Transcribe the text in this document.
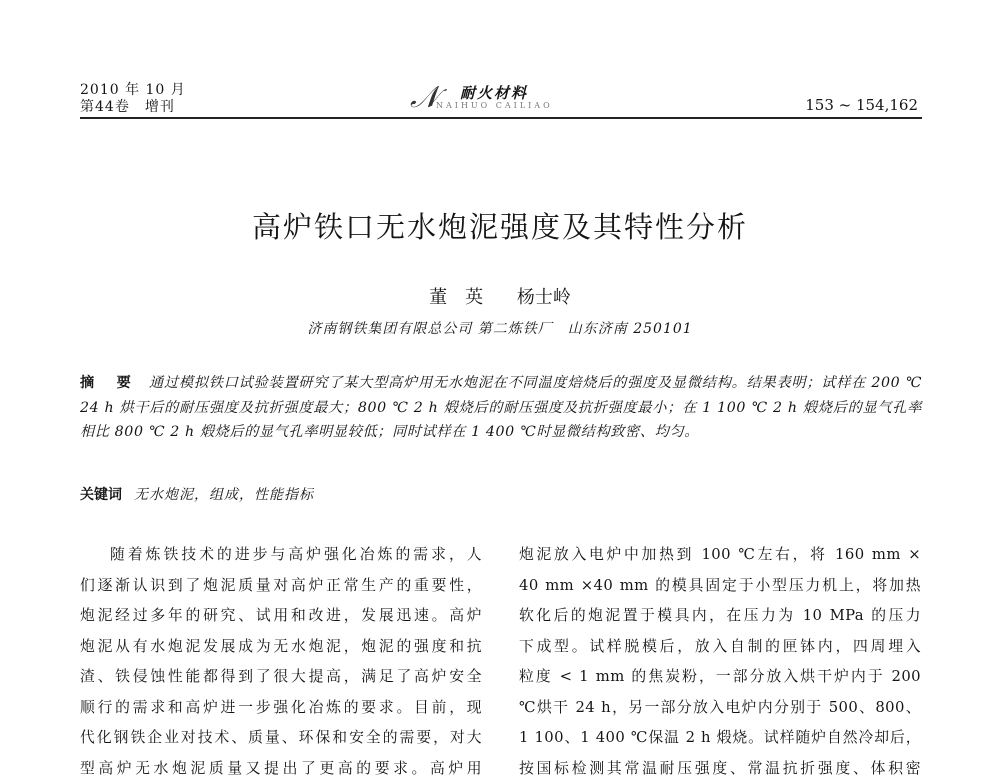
2010 年 10 月
第44卷　增刊	𝒩 耐火材料
NAIHUO CAILIAO	153 ~ 154,162
高炉铁口无水炮泥强度及其特性分析
董　英 杨士岭
济南钢铁集团有限总公司 第二炼铁厂　山东济南 250101
摘　要 通过模拟铁口试验装置研究了某大型高炉用无水炮泥在不同温度焙烧后的强度及显微结构。结果表明；试样在 200 ℃ 24 h 烘干后的耐压强度及抗折强度最大；800 ℃ 2 h 煅烧后的耐压强度及抗折强度最小；在 1 100 ℃ 2 h 煅烧后的显气孔率相比 800 ℃ 2 h 煅烧后的显气孔率明显较低；同时试样在 1 400 ℃时显微结构致密、均匀。
关键词 无水炮泥，组成，性能指标
随着炼铁技术的进步与高炉强化冶炼的需求，人
们逐渐认识到了炮泥质量对高炉正常生产的重要性，
炮泥经过多年的研究、试用和改进，发展迅速。高炉
炮泥从有水炮泥发展成为无水炮泥，炮泥的强度和抗
渣、铁侵蚀性能都得到了很大提高，满足了高炉安全
顺行的需求和高炉进一步强化冶炼的要求。目前，现
代化钢铁企业对技术、质量、环保和安全的需要，对大
型高炉无水炮泥质量又提出了更高的要求。高炉用
炮泥放入电炉中加热到 100 ℃左右，将 160 mm ×
40 mm ×40 mm 的模具固定于小型压力机上，将加热
软化后的炮泥置于模具内，在压力为 10 MPa 的压力
下成型。试样脱模后，放入自制的匣钵内，四周埋入
粒度 < 1 mm 的焦炭粉，一部分放入烘干炉内于 200
℃烘干 24 h，另一部分放入电炉内分别于 500、800、
1 100、1 400 ℃保温 2 h 煅烧。试样随炉自然冷却后，
按国标检测其常温耐压强度、常温抗折强度、体积密
